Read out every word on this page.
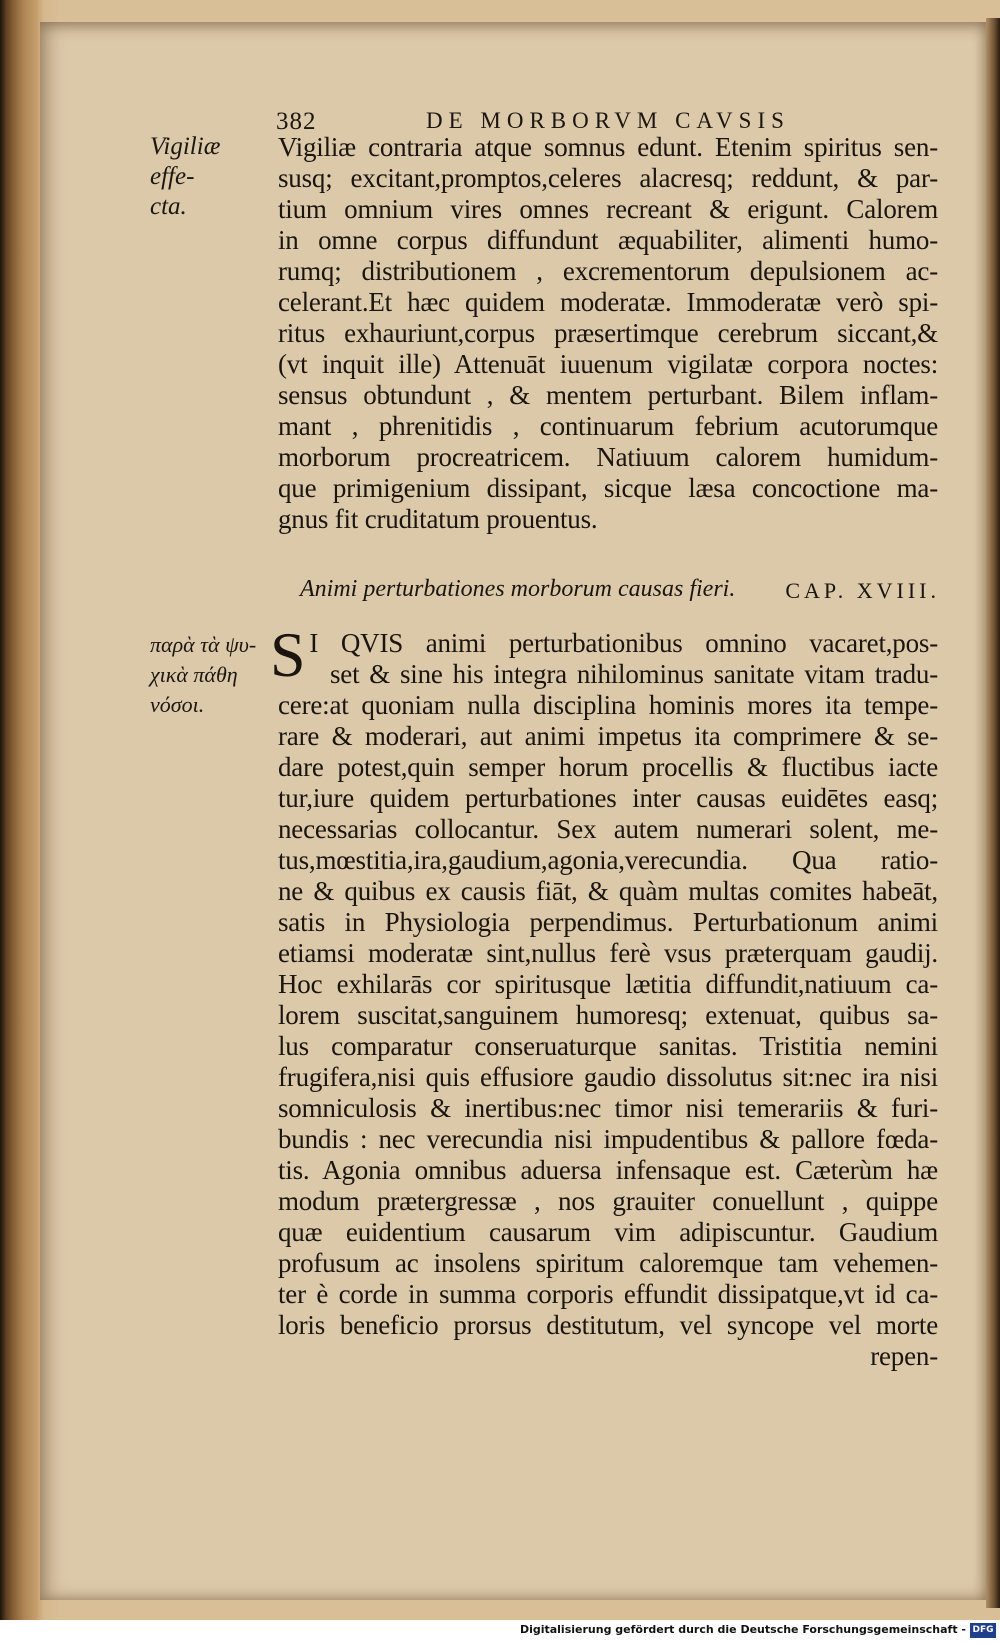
382	DE MORBORVM CAVSIS
Vigiliæ effe-
cta.
παρὰ τὰ ψυ-
χικὰ πάθη
νόσοι.
Vigiliæ contraria atque somnus edunt. Etenim spiritus sen-
susq; excitant,promptos,celeres alacresq; reddunt, & par-
tium omnium vires omnes recreant & erigunt. Calorem
in omne corpus diffundunt æquabiliter, alimenti humo-
rumq; distributionem , excrementorum depulsionem ac-
celerant.Et hæc quidem moderatæ. Immoderatæ verò spi-
ritus exhauriunt,corpus præsertimque cerebrum siccant,&
(vt inquit ille) Attenuāt iuuenum vigilatæ corpora noctes:
sensus obtundunt , & mentem perturbant. Bilem inflam-
mant , phrenitidis , continuarum febrium acutorumque
morborum procreatricem. Natiuum calorem humidum-
que primigenium dissipant, sicque læsa concoctione ma-
gnus fit cruditatum prouentus.
Animi perturbationes morborum causas fieri. CAP. XVIII.
S I QVIS animi perturbationibus omnino vacaret,pos-
set & sine his integra nihilominus sanitate vitam tradu-
cere:at quoniam nulla disciplina hominis mores ita tempe-
rare & moderari, aut animi impetus ita comprimere & se-
dare potest,quin semper horum procellis & fluctibus iacte
tur,iure quidem perturbationes inter causas euidētes easq;
necessarias collocantur. Sex autem numerari solent, me-
tus,mœstitia,ira,gaudium,agonia,verecundia. Qua ratio-
ne & quibus ex causis fiāt, & quàm multas comites habeāt,
satis in Physiologia perpendimus. Perturbationum animi
etiamsi moderatæ sint,nullus ferè vsus præterquam gaudij.
Hoc exhilarās cor spiritusque lætitia diffundit,natiuum ca-
lorem suscitat,sanguinem humoresq; extenuat, quibus sa-
lus comparatur conseruaturque sanitas. Tristitia nemini
frugifera,nisi quis effusiore gaudio dissolutus sit:nec ira nisi
somniculosis & inertibus:nec timor nisi temerariis & furi-
bundis : nec verecundia nisi impudentibus & pallore fœda-
tis. Agonia omnibus aduersa infensaque est. Cæterùm hæ
modum prætergressæ , nos grauiter conuellunt , quippe
quæ euidentium causarum vim adipiscuntur. Gaudium
profusum ac insolens spiritum caloremque tam vehemen-
ter è corde in summa corporis effundit dissipatque,vt id ca-
loris beneficio prorsus destitutum, vel syncope vel morte
repen-
Digitalisierung gefördert durch die Deutsche Forschungsgemeinschaft - DFG
